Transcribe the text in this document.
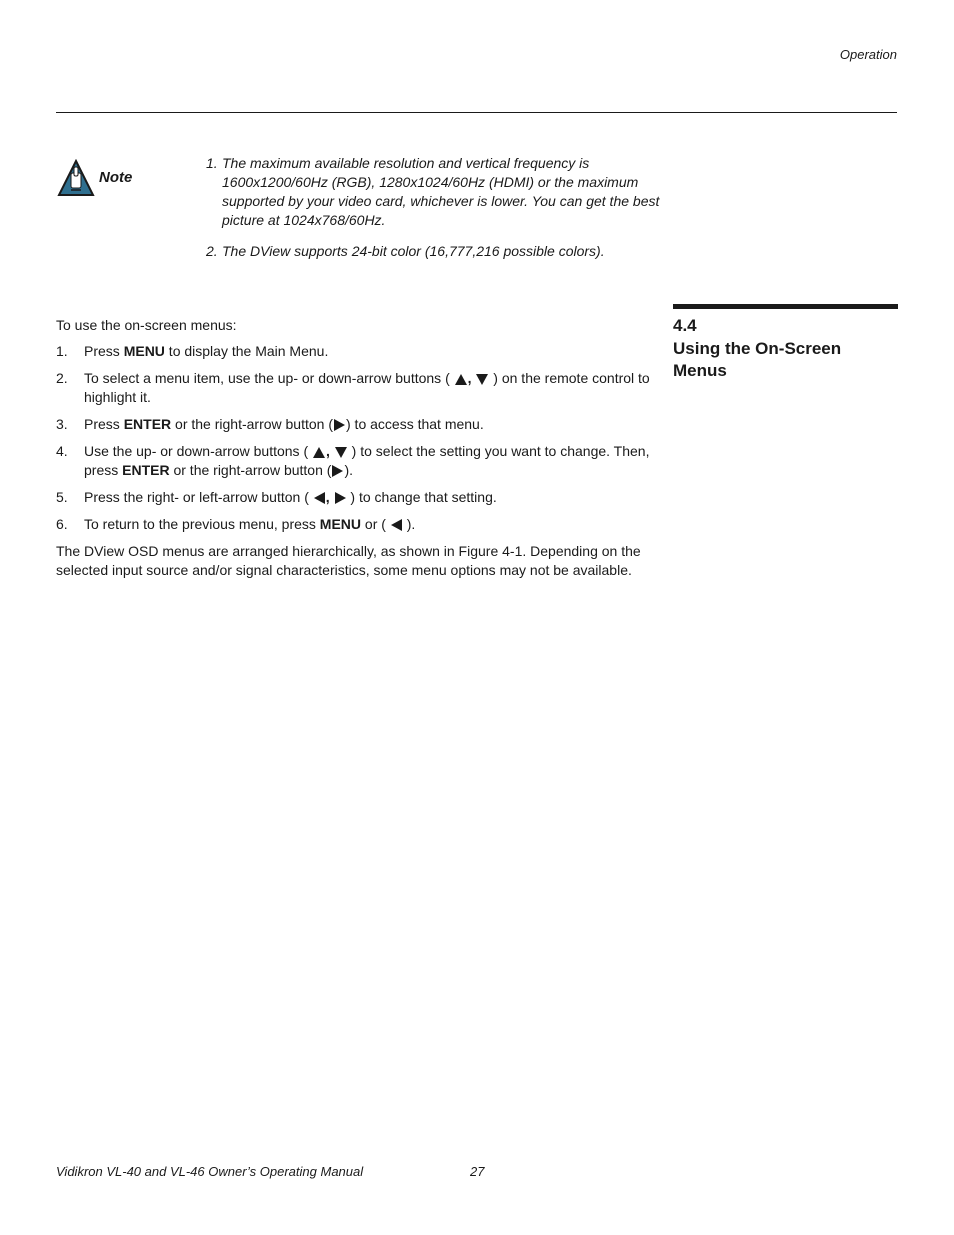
Operation
Note
1. The maximum available resolution and vertical frequency is 1600x1200/60Hz (RGB), 1280x1024/60Hz (HDMI) or the maximum supported by your video card, whichever is lower. You can get the best picture at 1024x768/60Hz.
2. The DView supports 24-bit color (16,777,216 possible colors).
4.4
Using the On-Screen Menus
To use the on-screen menus:
1. Press MENU to display the Main Menu.
2. To select a menu item, use the up- or down-arrow buttons ( ,  ) on the remote control to highlight it.
3. Press ENTER or the right-arrow button ( ) to access that menu.
4. Use the up- or down-arrow buttons ( ,  ) to select the setting you want to change. Then, press ENTER or the right-arrow button ( ).
5. Press the right- or left-arrow button ( ,  ) to change that setting.
6. To return to the previous menu, press MENU or (  ).
The DView OSD menus are arranged hierarchically, as shown in Figure 4-1. Depending on the selected input source and/or signal characteristics, some menu options may not be available.
Vidikron VL-40 and VL-46 Owner’s Operating Manual	27
